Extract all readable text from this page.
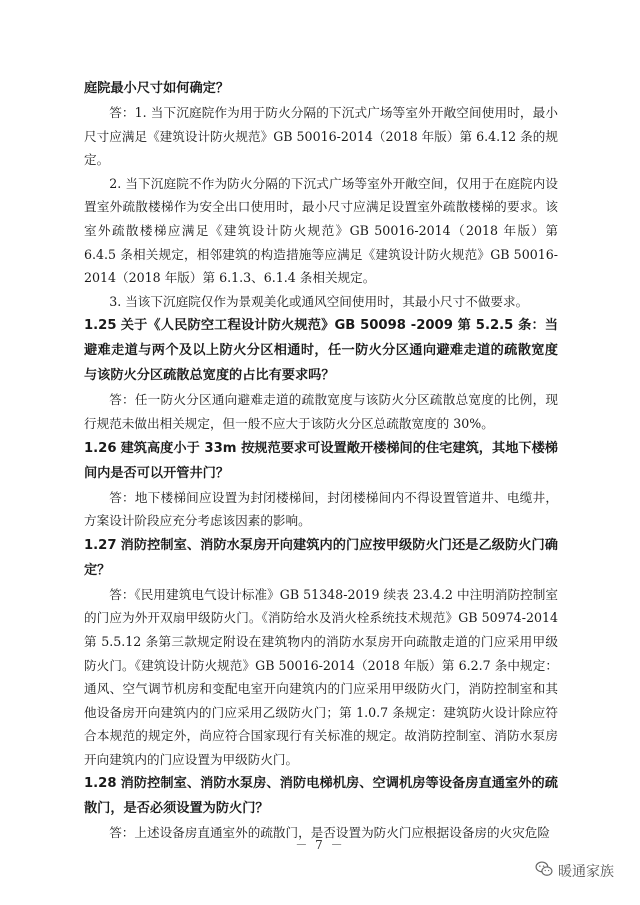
庭院最小尺寸如何确定？

答：1. 当下沉庭院作为用于防火分隔的下沉式广场等室外开敞空间使用时，最小尺寸应满足《建筑设计防火规范》GB 50016-2014（2018 年版）第 6.4.12 条的规定。

2. 当下沉庭院不作为防火分隔的下沉式广场等室外开敞空间，仅用于在庭院内设置室外疏散楼梯作为安全出口使用时，最小尺寸应满足设置室外疏散楼梯的要求。该室外疏散楼梯应满足《建筑设计防火规范》GB 50016-2014（2018 年版）第 6.4.5 条相关规定，相邻建筑的构造措施等应满足《建筑设计防火规范》GB 50016-2014（2018 年版）第 6.1.3、6.1.4 条相关规定。

3. 当该下沉庭院仅作为景观美化或通风空间使用时，其最小尺寸不做要求。

1.25 关于《人民防空工程设计防火规范》GB 50098 -2009 第 5.2.5 条：当避难走道与两个及以上防火分区相通时，任一防火分区通向避难走道的疏散宽度与该防火分区疏散总宽度的占比有要求吗？

答：任一防火分区通向避难走道的疏散宽度与该防火分区疏散总宽度的比例，现行规范未做出相关规定，但一般不应大于该防火分区总疏散宽度的 30%。

1.26 建筑高度小于 33m 按规范要求可设置敞开楼梯间的住宅建筑，其地下楼梯间内是否可以开管井门？

答：地下楼梯间应设置为封闭楼梯间，封闭楼梯间内不得设置管道井、电缆井，方案设计阶段应充分考虑该因素的影响。

1.27 消防控制室、消防水泵房开向建筑内的门应按甲级防火门还是乙级防火门确定？

答：《民用建筑电气设计标准》GB 51348-2019 续表 23.4.2 中注明消防控制室的门应为外开双扇甲级防火门。《消防给水及消火栓系统技术规范》GB 50974-2014 第 5.5.12 条第三款规定附设在建筑物内的消防水泵房开向疏散走道的门应采用甲级防火门。《建筑设计防火规范》GB 50016-2014（2018 年版）第 6.2.7 条中规定：通风、空气调节机房和变配电室开向建筑内的门应采用甲级防火门，消防控制室和其他设备房开向建筑内的门应采用乙级防火门；第 1.0.7 条规定：建筑防火设计除应符合本规范的规定外，尚应符合国家现行有关标准的规定。故消防控制室、消防水泵房开向建筑内的门应设置为甲级防火门。

1.28 消防控制室、消防水泵房、消防电梯机房、空调机房等设备房直通室外的疏散门，是否必须设置为防火门？

答：上述设备房直通室外的疏散门，是否设置为防火门应根据设备房的火灾危险

－ 7 －
暖通家族
